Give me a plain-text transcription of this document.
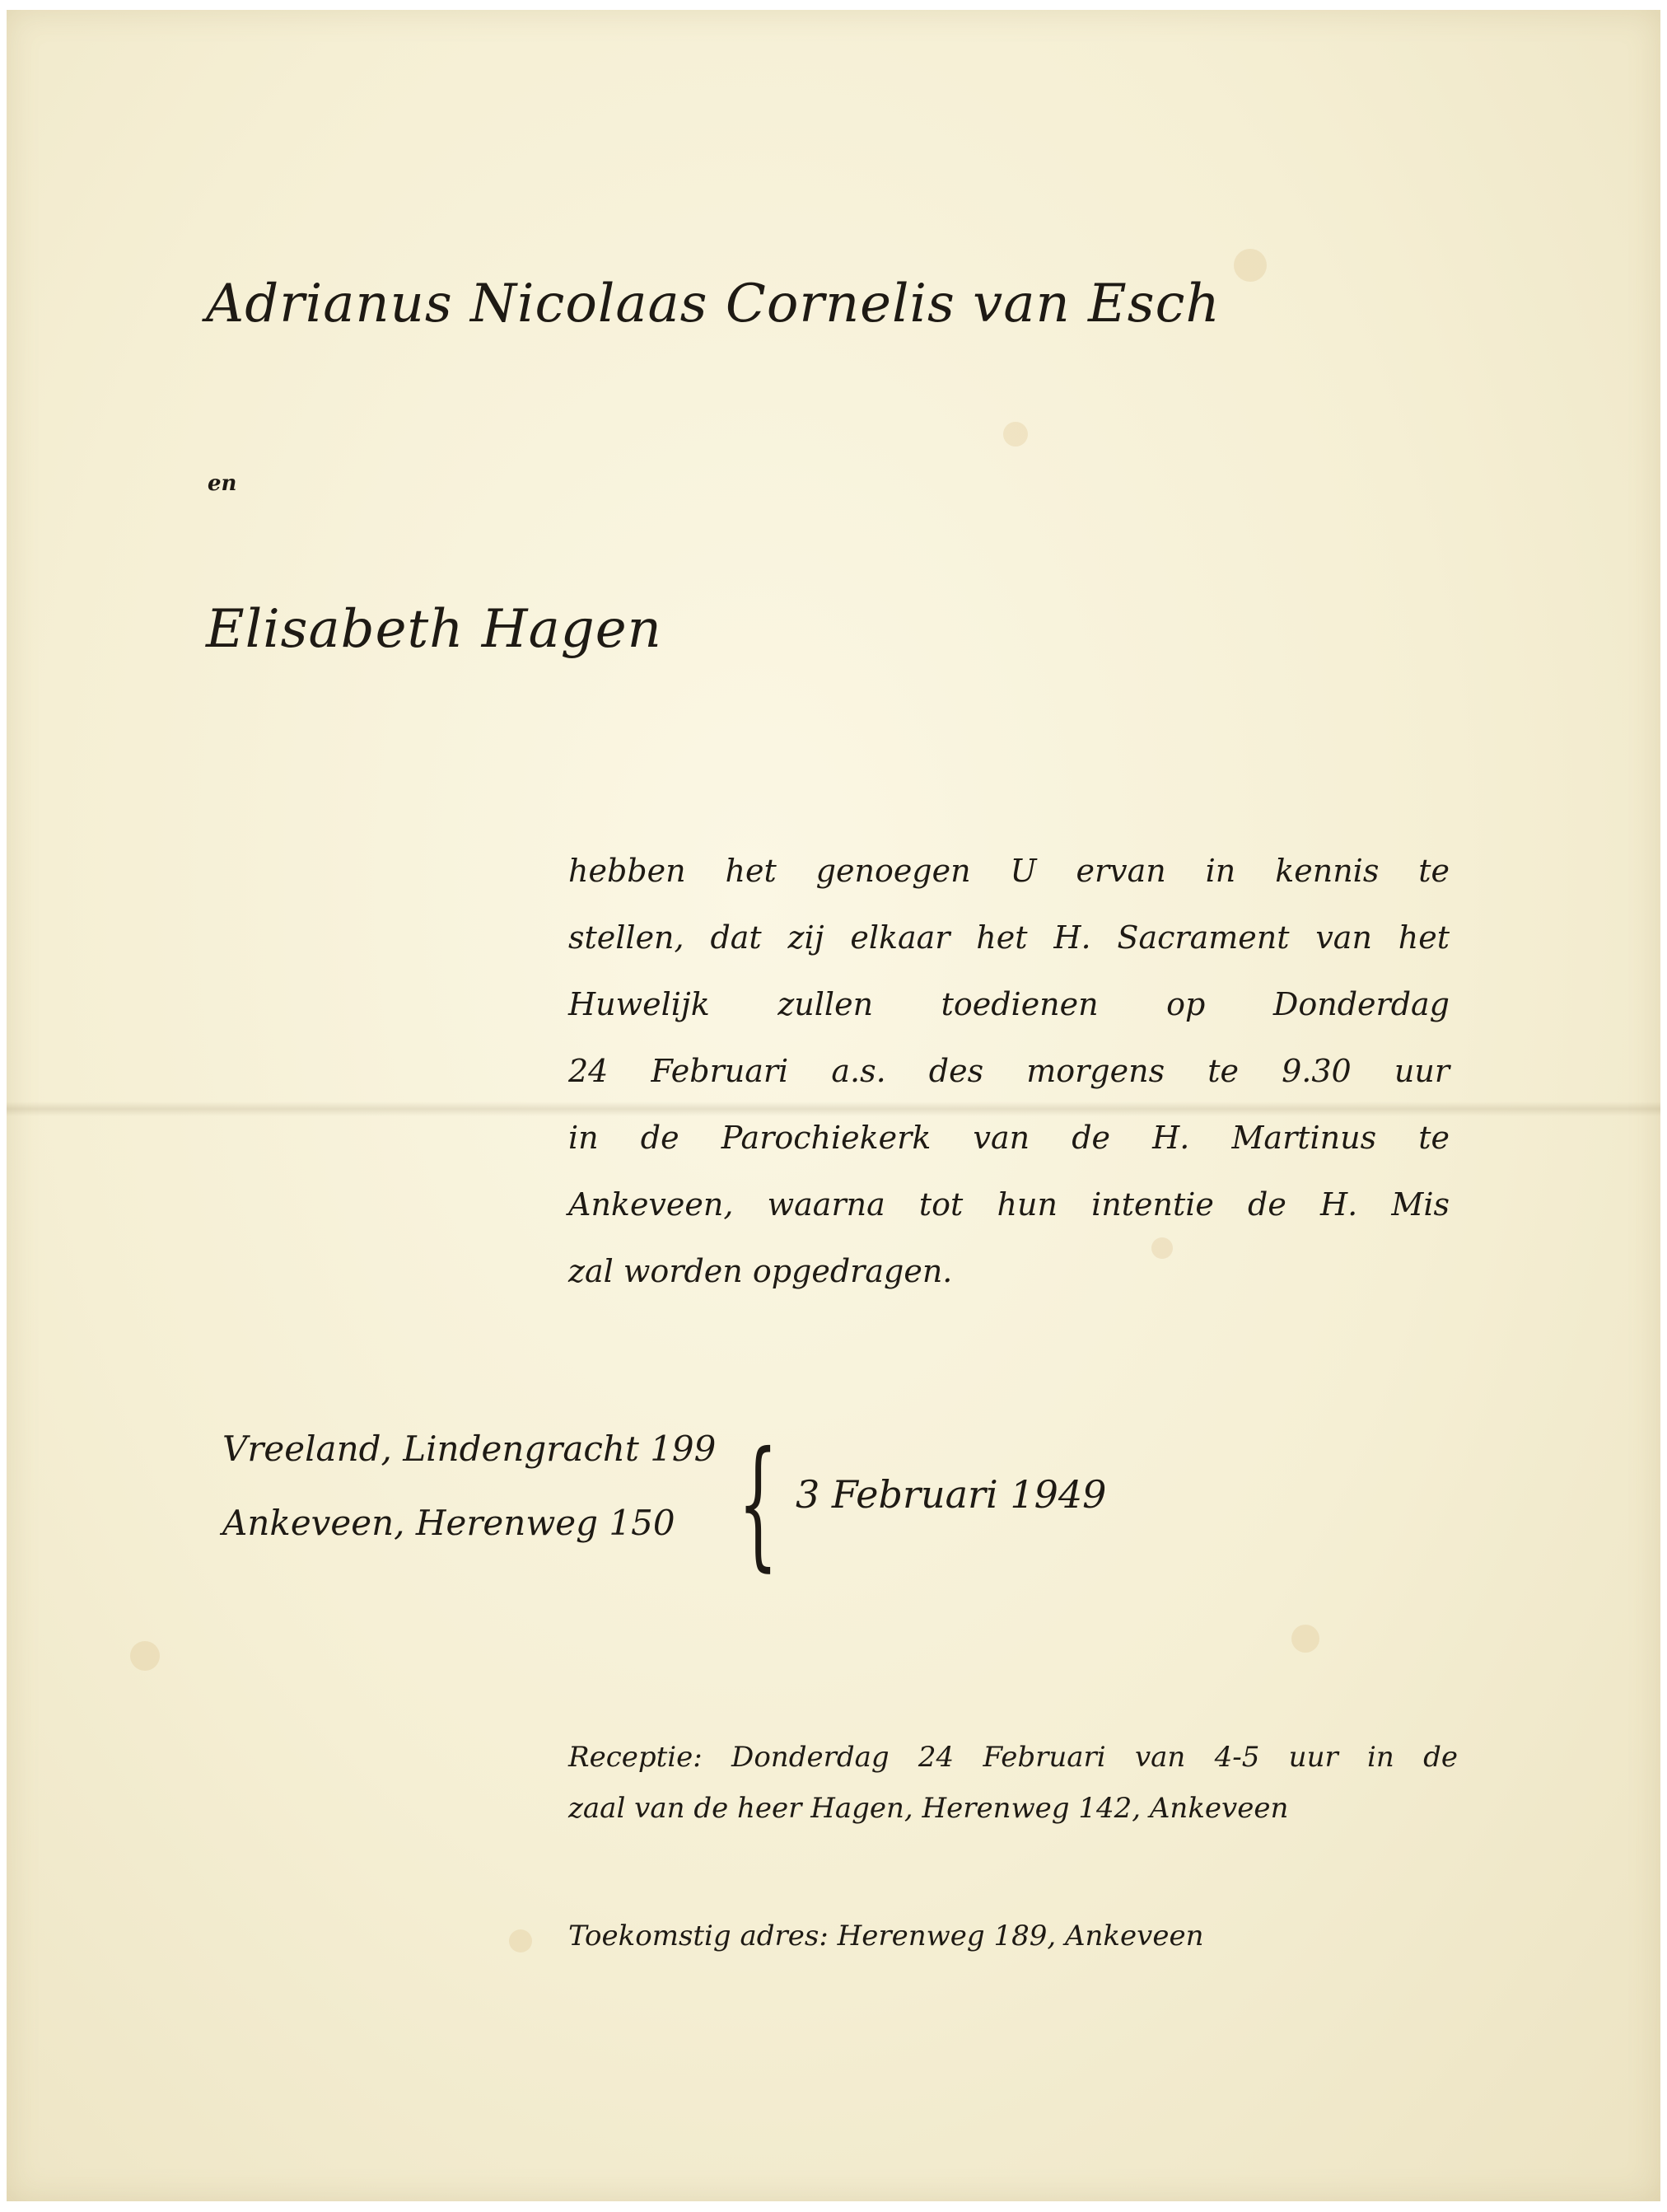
Adrianus Nicolaas Cornelis van Esch

en

Elisabeth Hagen

hebben het genoegen U ervan in kennis te
stellen, dat zij elkaar het H. Sacrament van het
Huwelijk zullen toedienen op Donderdag
24 Februari a.s. des morgens te 9.30 uur
in de Parochiekerk van de H. Martinus te
Ankeveen, waarna tot hun intentie de H. Mis
zal worden opgedragen.

Vreeland, Lindengracht 199

Ankeveen, Herenweg 150 { 3 Februari 1949

Receptie: Donderdag 24 Februari van 4-5 uur in de
zaal van de heer Hagen, Herenweg 142, Ankeveen

Toekomstig adres: Herenweg 189, Ankeveen
